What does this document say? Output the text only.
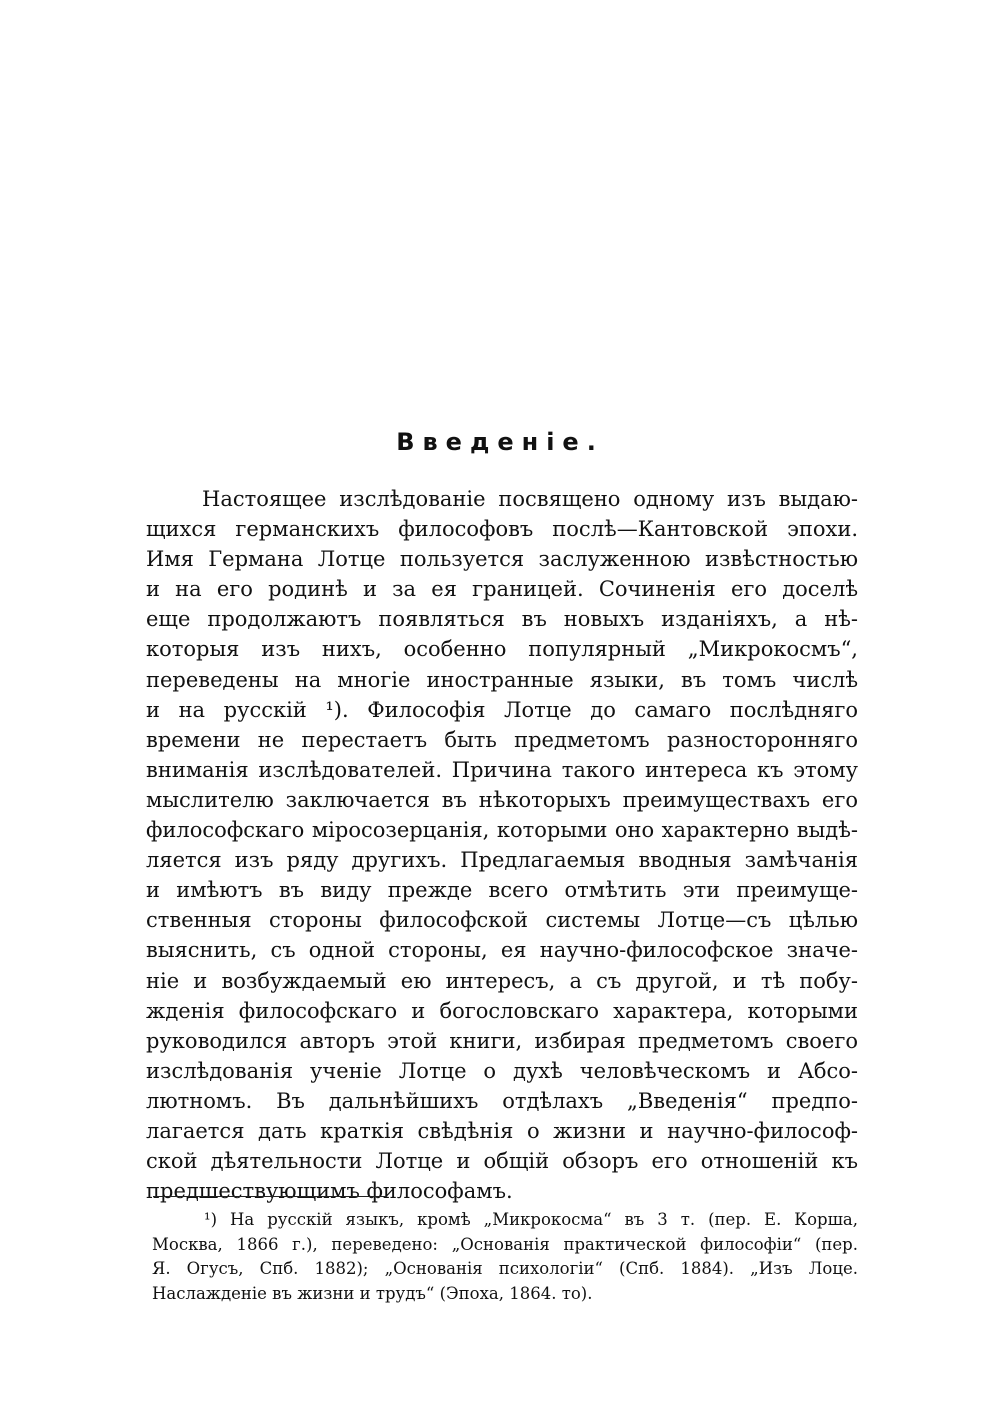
Введеніе.
Настоящее изслѣдованіе посвящено одному изъ выдаю-
щихся германскихъ философовъ послѣ—Кантовской эпохи.
Имя Германа Лотце пользуется заслуженною извѣстностью
и на его родинѣ и за ея границей. Сочиненія его доселѣ
еще продолжаютъ появляться въ новыхъ изданіяхъ, а нѣ-
которыя изъ нихъ, особенно популярный „Микрокосмъ“,
переведены на многіе иностранные языки, въ томъ числѣ
и на русскій ¹). Философія Лотце до самаго послѣдняго
времени не перестаетъ быть предметомъ разносторонняго
вниманія изслѣдователей. Причина такого интереса къ этому
мыслителю заключается въ нѣкоторыхъ преимуществахъ его
философскаго міросозерцанія, которыми оно характерно выдѣ-
ляется изъ ряду другихъ. Предлагаемыя вводныя замѣчанія
и имѣютъ въ виду прежде всего отмѣтить эти преимуще-
ственныя стороны философской системы Лотце—съ цѣлью
выяснить, съ одной стороны, ея научно-философское значе-
ніе и возбуждаемый ею интересъ, а съ другой, и тѣ побу-
жденія философскаго и богословскаго характера, которыми
руководился авторъ этой книги, избирая предметомъ своего
изслѣдованія ученіе Лотце о духѣ человѣческомъ и Абсо-
лютномъ. Въ дальнѣйшихъ отдѣлахъ „Введенія“ предпо-
лагается дать краткія свѣдѣнія о жизни и научно-философ-
ской дѣятельности Лотце и общій обзоръ его отношеній къ
предшествующимъ философамъ.
¹) На русскій языкъ, кромѣ „Микрокосма“ въ 3 т. (пер. Е. Корша,
Москва, 1866 г.), переведено: „Основанія практической философіи“ (пер.
Я. Огусъ, Спб. 1882); „Основанія психологіи“ (Спб. 1884). „Изъ Лоце.
Наслажденіе въ жизни и трудъ“ (Эпоха, 1864. то).
